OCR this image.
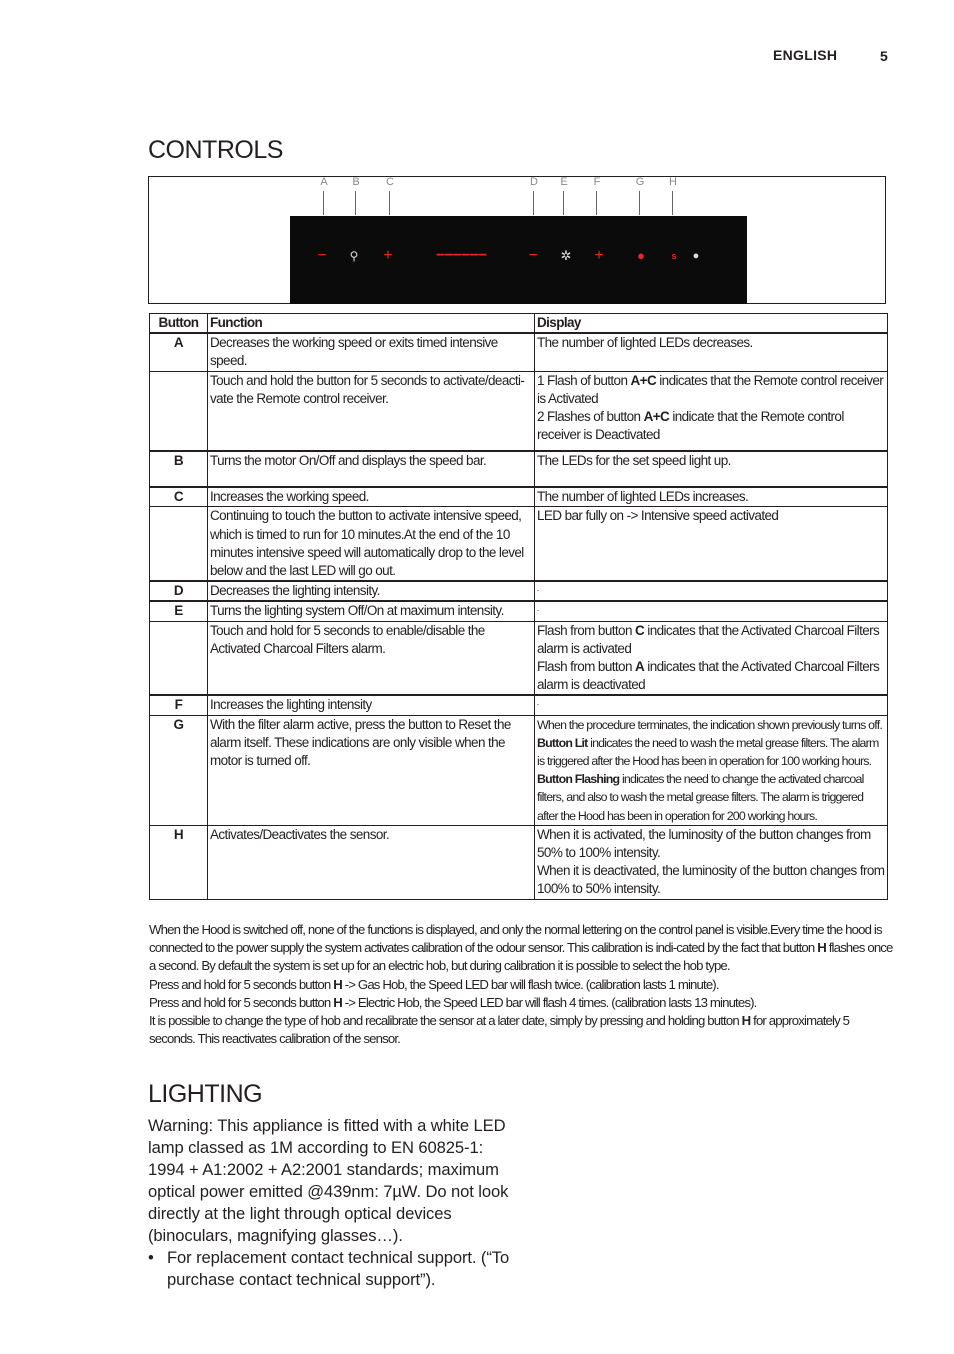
ENGLISH	5
CONTROLS
A	B	C	D	E	F	G H
− ⚲ +	−−−−−−	− ✲ +	●	s	●
Button	Function	Display
A	Decreases the working speed or exits timed intensive speed.	The number of lighted LEDs decreases.
	Touch and hold the button for 5 seconds to activate/deacti-vate the Remote control receiver.	1 Flash of button A+C indicates that the Remote control receiver is Activated
2 Flashes of button A+C indicate that the Remote control receiver is Deactivated
B	Turns the motor On/Off and displays the speed bar.	The LEDs for the set speed light up.
C	Increases the working speed.	The number of lighted LEDs increases.
	Continuing to touch the button to activate intensive speed, which is timed to run for 10 minutes.At the end of the 10 minutes intensive speed will automatically drop to the level below and the last LED will go out.	LED bar fully on -> Intensive speed activated
D	Decreases the lighting intensity.	-
E	Turns the lighting system Off/On at maximum intensity.	-
	Touch and hold for 5 seconds to enable/disable the Activated Charcoal Filters alarm.	Flash from button C indicates that the Activated Charcoal Filters alarm is activated
Flash from button A indicates that the Activated Charcoal Filters alarm is deactivated
F	Increases the lighting intensity	-
G	With the filter alarm active, press the button to Reset the alarm itself. These indications are only visible when the motor is turned off.	When the procedure terminates, the indication shown previously turns off.
Button Lit indicates the need to wash the metal grease filters. The alarm is triggered after the Hood has been in operation for 100 working hours.
Button Flashing indicates the need to change the activated charcoal filters, and also to wash the metal grease filters. The alarm is triggered after the Hood has been in operation for 200 working hours.
H	Activates/Deactivates the sensor.	When it is activated, the luminosity of the button changes from 50% to 100% intensity.
When it is deactivated, the luminosity of the button changes from 100% to 50% intensity.

When the Hood is switched off, none of the functions is displayed, and only the normal lettering on the control panel is visible.Every time the hood is connected to the power supply the system activates calibration of the odour sensor. This calibration is indi-cated by the fact that button H flashes once a second. By default the system is set up for an electric hob, but during calibration it is possible to select the hob type.

Press and hold for 5 seconds button H -> Gas Hob, the Speed LED bar will flash twice. (calibration lasts 1 minute).

Press and hold for 5 seconds button H -> Electric Hob, the Speed LED bar will flash 4 times. (calibration lasts 13 minutes).

It is possible to change the type of hob and recalibrate the sensor at a later date, simply by pressing and holding button H for approximately 5 seconds. This reactivates calibration of the sensor.

LIGHTING

Warning: This appliance is fitted with a white LED lamp classed as 1M according to EN 60825-1: 1994 + A1:2002 + A2:2001 standards; maximum optical power emitted @439nm: 7µW. Do not look directly at the light through optical devices (binoculars, magnifying glasses…).

• For replacement contact technical support. (“To purchase contact technical support”).
